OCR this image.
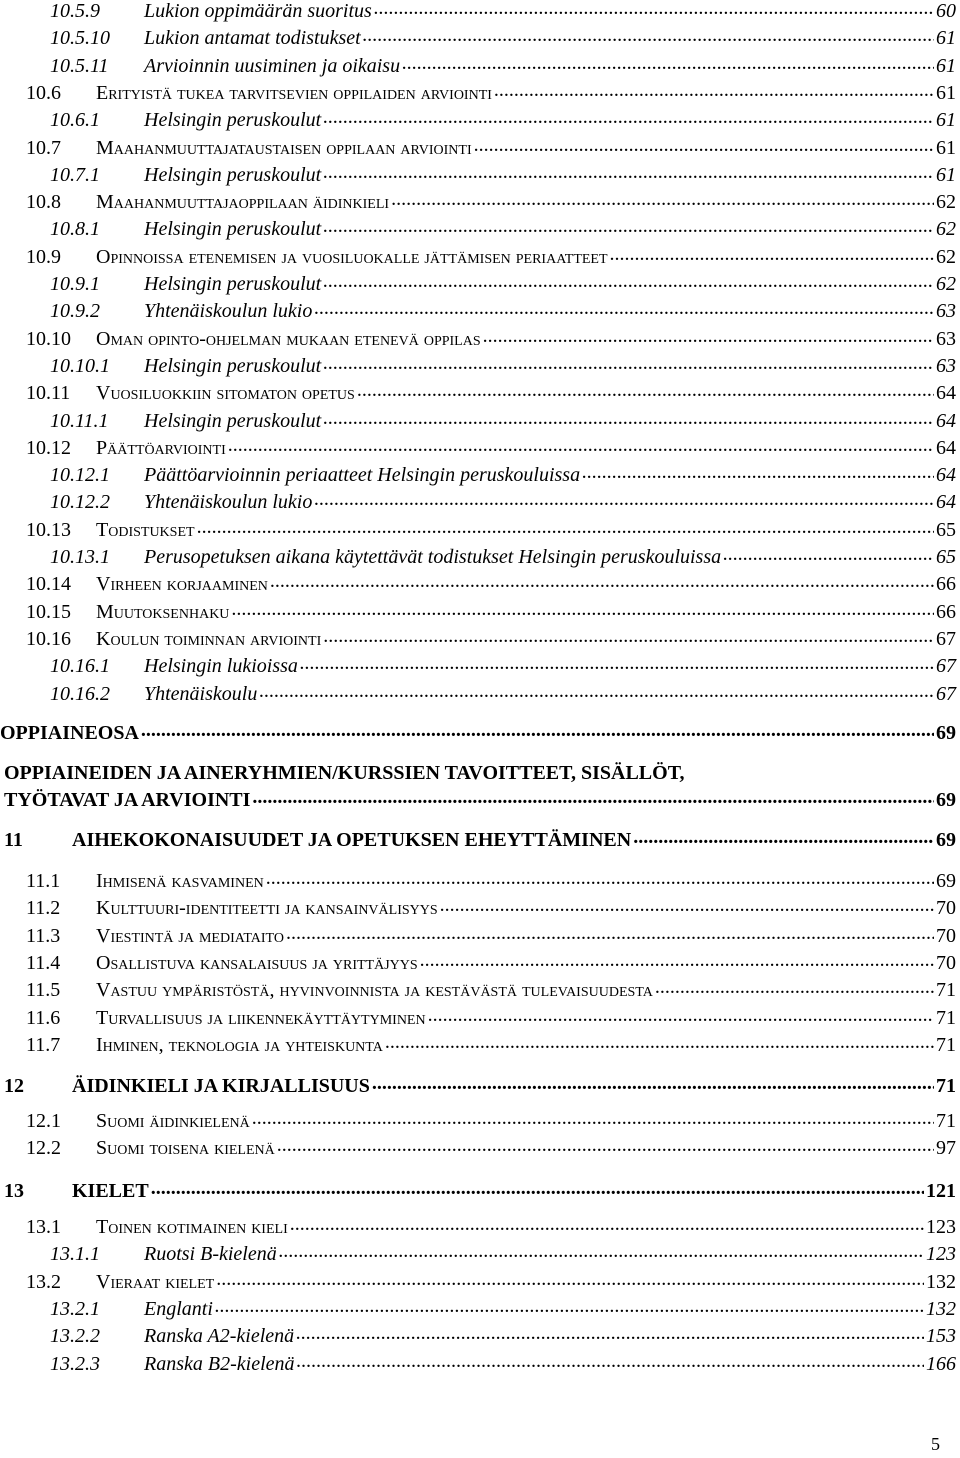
10.5.9	Lukion oppimäärän suoritus .....	60
10.5.10	Lukion antamat todistukset .....	61
10.5.11	Arvioinnin uusiminen ja oikaisu .....	61
10.6	Erityistä tukea tarvitsevien oppilaiden arviointi .....	61
10.6.1	Helsingin peruskoulut .....	61
10.7	Maahanmuuttajataustaisen oppilaan arviointi .....	61
10.7.1	Helsingin peruskoulut .....	61
10.8	Maahanmuuttajaoppilaan äidinkieli .....	62
10.8.1	Helsingin peruskoulut .....	62
10.9	Opinnoissa etenemisen ja vuosiluokalle jättämisen periaatteet .....	62
10.9.1	Helsingin peruskoulut .....	62
10.9.2	Yhtenäiskoulun lukio .....	63
10.10	Oman opinto-ohjelman mukaan etenevä oppilas .....	63
10.10.1	Helsingin peruskoulut .....	63
10.11	Vuosiluokkiin sitomaton opetus .....	64
10.11.1	Helsingin peruskoulut .....	64
10.12	Päättöarviointi .....	64
10.12.1	Päättöarvioinnin periaatteet Helsingin peruskouluissa .....	64
10.12.2	Yhtenäiskoulun lukio .....	64
10.13	Todistukset .....	65
10.13.1	Perusopetuksen aikana käytettävät todistukset Helsingin peruskouluissa .....	65
10.14	Virheen korjaaminen .....	66
10.15	Muutoksenhaku .....	66
10.16	Koulun toiminnan arviointi .....	67
10.16.1	Helsingin lukioissa .....	67
10.16.2	Yhtenäiskoulu .....	67
OPPIAINEOSA .....	69
OPPIAINEIDEN JA AINERYHMIEN/KURSSIEN TAVOITTEET, SISÄLLÖT,
TYÖTAVAT JA ARVIOINTI .....	69
11	AIHEKOKONAISUUDET JA OPETUKSEN EHEYTTÄMINEN .....	69
11.1	Ihmisenä kasvaminen .....	69
11.2	Kulttuuri-identiteetti ja kansainvälisyys .....	70
11.3	Viestintä ja mediataito .....	70
11.4	Osallistuva kansalaisuus ja yrittäjyys .....	70
11.5	Vastuu ympäristöstä, hyvinvoinnista ja kestävästä tulevaisuudesta .....	71
11.6	Turvallisuus ja liikennekäyttäytyminen .....	71
11.7	Ihminen, teknologia ja yhteiskunta .....	71
12	ÄIDINKIELI JA KIRJALLISUUS .....	71
12.1	Suomi äidinkielenä .....	71
12.2	Suomi toisena kielenä .....	97
13	KIELET .....	121
13.1	Toinen kotimainen kieli .....	123
13.1.1	Ruotsi B-kielenä .....	123
13.2	Vieraat kielet .....	132
13.2.1	Englanti .....	132
13.2.2	Ranska A2-kielenä .....	153
13.2.3	Ranska B2-kielenä .....	166
5
